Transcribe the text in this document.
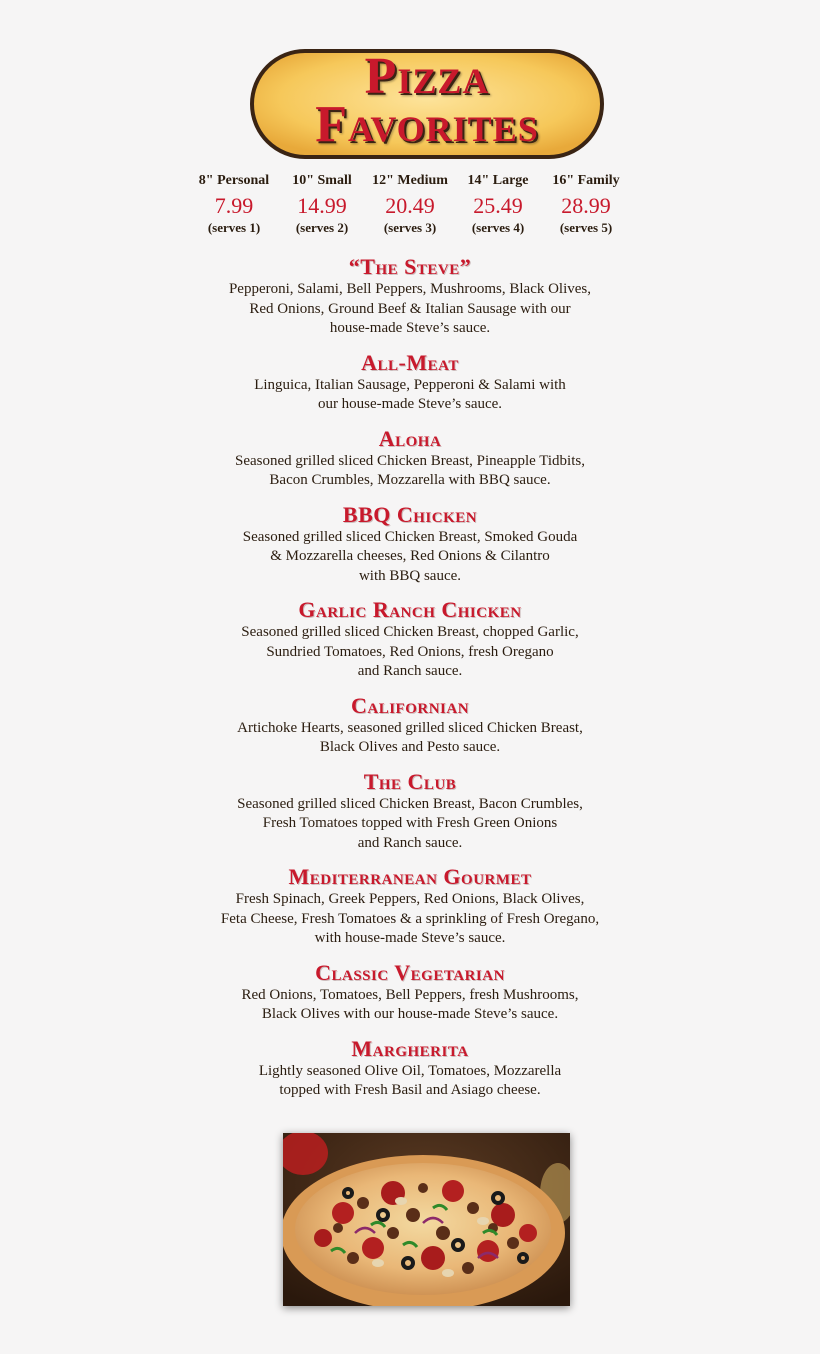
Pizza
Favorites
8" Personal
7.99
(serves 1)
10" Small
14.99
(serves 2)
12" Medium
20.49
(serves 3)
14" Large
25.49
(serves 4)
16" Family
28.99
(serves 5)
“The Steve”
Pepperoni, Salami, Bell Peppers, Mushrooms, Black Olives,
Red Onions, Ground Beef & Italian Sausage with our
house-made Steve’s sauce.
All-Meat
Linguica, Italian Sausage, Pepperoni & Salami with
our house-made Steve’s sauce.
Aloha
Seasoned grilled sliced Chicken Breast, Pineapple Tidbits,
Bacon Crumbles, Mozzarella with BBQ sauce.
BBQ Chicken
Seasoned grilled sliced Chicken Breast, Smoked Gouda
& Mozzarella cheeses, Red Onions & Cilantro
with BBQ sauce.
Garlic Ranch Chicken
Seasoned grilled sliced Chicken Breast, chopped Garlic,
Sundried Tomatoes, Red Onions, fresh Oregano
and Ranch sauce.
Californian
Artichoke Hearts, seasoned grilled sliced Chicken Breast,
Black Olives and Pesto sauce.
The Club
Seasoned grilled sliced Chicken Breast, Bacon Crumbles,
Fresh Tomatoes topped with Fresh Green Onions
and Ranch sauce.
Mediterranean Gourmet
Fresh Spinach, Greek Peppers, Red Onions, Black Olives,
Feta Cheese, Fresh Tomatoes & a sprinkling of Fresh Oregano,
with house-made Steve’s sauce.
Classic Vegetarian
Red Onions, Tomatoes, Bell Peppers, fresh Mushrooms,
Black Olives with our house-made Steve’s sauce.
Margherita
Lightly seasoned Olive Oil, Tomatoes, Mozzarella
topped with Fresh Basil and Asiago cheese.
